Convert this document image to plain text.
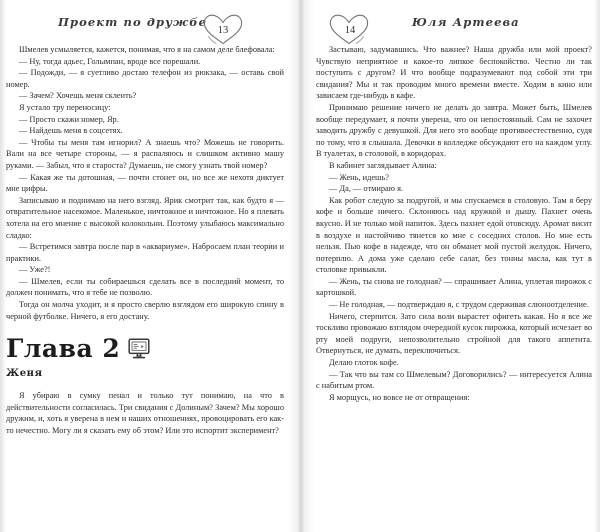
Проект по дружбе
13

Шмелев усмыляется, кажется, понимая, что я на самом деле блефовала:

— Ну, тогда адьес, Голымпан, вроде все порешали.

— Подожди, — я суетливо достаю телефон из рюкзака, — оставь свой номер.

— Зачем? Хочешь меня склеить?

Я устало тру переносицу:

— Просто скажи номер, Яр.

— Найдешь меня в соцсетях.

— Чтобы ты меня там игнорил? А знаешь что? Можешь не говорить. Вали на все четыре стороны, — я распаляюсь и слишком активно машу руками. — Забыл, что я староста? Думаешь, не смогу узнать твой номер?

— Какая же ты дотошная, — почти стонет он, но все же нехотя диктует мне цифры.

Записываю и поднимаю на него взгляд. Ярик смотрит так, как будто я — отвратительное насекомое. Маленькое, ничтожное и ничтожное. Но я плевать хотела на его мнение с высокой колокольни. Поэтому улыбаюсь максимально сладко:

— Встретимся завтра после пар в «аквариуме». Набросаем план теории и практики.

— Уже?!

— Шмелев, если ты собираешься сделать все в последний момент, то должен понимать, что я тебе не позволю.

Тогда он молча уходит, и я просто сверлю взглядом его широкую спину в черной футболке. Ничего, я его достану.

Глава 2
Женя

Я убираю в сумку пенал и только тут понимаю, на что в действительности согласилась. Три свидания с Долиным? Зачем? Мы хорошо дружим, и, хоть я уверена в нем и наших отношениях, провоцировать его как-то нечестно. Могу ли я сказать ему об этом? Или это испортит эксперимент?

14
Юля Артеева

Застываю, задумавшись. Что важнее? Наша дружба или мой проект? Чувствую неприятное и какое-то липкое беспокойство. Честно ли так поступить с другом? И что вообще подразумевают под собой эти три свидания? Мы и так проводим много времени вместе. Ходим в кино или зависаем где-нибудь в кафе.

Принимаю решение ничего не делать до завтра. Может быть, Шмелев вообще передумает, я почти уверена, что он непостоянный. Сам не захочет заводить дружбу с девушкой. Для него это вообще противоестественно, судя по тому, что я слышала. Девочки в колледже обсуждают его на каждом углу. В туалетах, в столовой, в коридорах.

В кабинет заглядывает Алина:

— Жень, идешь?

— Да, — отмираю я.

Как робот следую за подругой, и мы спускаемся в столовую. Там я беру кофе и больше ничего. Склоняюсь над кружкой и дышу. Пахнет очень вкусно. И не только мой напиток. Здесь пахнет едой отовсюду. Аромат висит в воздухе и настойчиво тянется ко мне с соседних столов. Но мне есть нельзя. Пью кофе в надежде, что он обманет мой пустой желудок. Ничего, потерплю. А дома уже сделаю себе салат, без тонны масла, как тут в столовке привыкли.

— Жень, ты снова не голодная? — спрашивает Алина, уплетая пирожок с картошкой.

— Не голодная, — подтверждаю я, с трудом сдерживая слюноотделение.

Ничего, стерпится. Зато сила воли вырастет офигеть какая. Но я все же тоскливо провожаю взглядом очередной кусок пирожка, который исчезает во рту моей подруги, непозволительно стройной для такого аппетита. Отвернуться, не думать, переключиться.

Делаю глоток кофе.

— Так что вы там со Шмелевым? Договорились? — интересуется Алина с набитым ртом.

Я морщусь, но вовсе не от отвращения:
